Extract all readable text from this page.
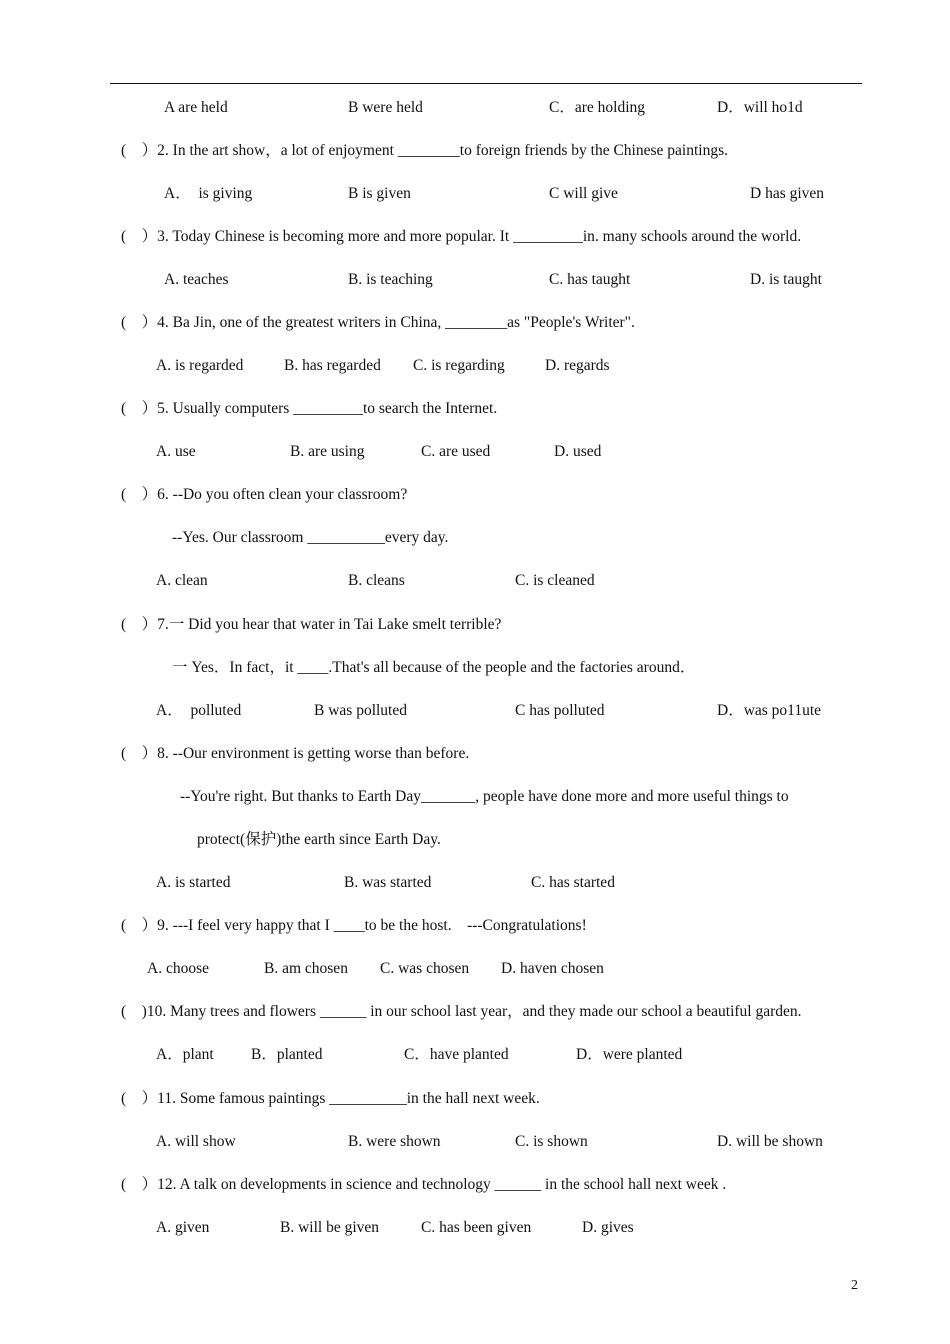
A are held	B were held	C．are holding	D．will ho1d
(    ）2. In the art show，a lot of enjoyment ________to foreign friends by the Chinese paintings.
A．  is giving	B is given	C will give	D has given
(    ）3. Today Chinese is becoming more and more popular. It _________in. many schools around the world.
A. teaches	B. is teaching	C. has taught	D. is taught
(    ）4. Ba Jin, one of the greatest writers in China, ________as "People's Writer".
A. is regarded	B. has regarded C. is regarding	D. regards
(    ）5. Usually computers _________to search the Internet.
A. use	B. are using	C. are used	D. used
(    ）6. --Do you often clean your classroom?
--Yes. Our classroom __________every day.
A. clean	B. cleans	C. is cleaned
(    ）7.一 Did you hear that water in Tai Lake smelt terrible?
一 Yes．In fact，it ____.That's all because of the people and the factories around．
A．  polluted	B was polluted	C has polluted	D．was po11ute
(    ）8. --Our environment is getting worse than before.
--You're right. But thanks to Earth Day_______, people have done more and more useful things to
protect(保护)the earth since Earth Day.
A. is started	B. was started	C. has started
(    ）9. ---I feel very happy that I ____to be the host.    ---Congratulations!
A. choose	B. am chosen C. was chosen D. haven chosen
(    )10. Many trees and flowers ______ in our school last year，and they made our school a beautiful garden.
A．plant B．planted	C．have planted	D．were planted
(    ）11. Some famous paintings __________in the hall next week.
A. will show	B. were shown	C. is shown	D. will be shown
(    ）12. A talk on developments in science and technology ______ in the school hall next week .
A. given	B. will be given	C. has been given	D. gives
2
